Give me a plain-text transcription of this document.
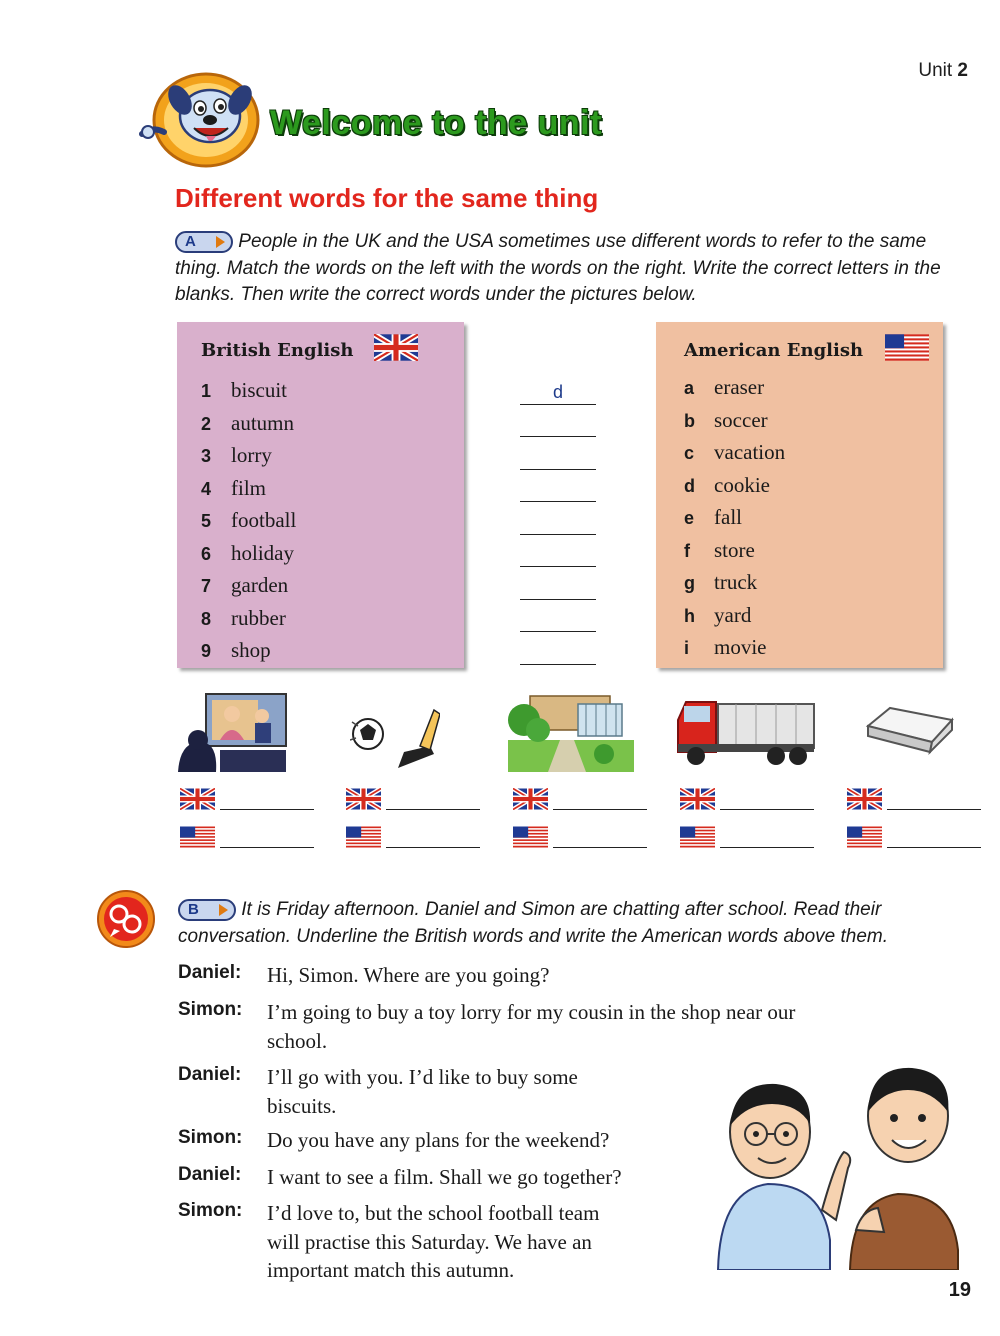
Unit 2
Welcome to the unit
Different words for the same thing
A People in the UK and the USA sometimes use different words to refer to the same thing. Match the words on the left with the words on the right. Write the correct letters in the blanks. Then write the correct words under the pictures below.
British English
1 biscuit
2 autumn
3 lorry
4 film
5 football
6 holiday
7 garden
8 rubber
9 shop
d
American English
a eraser
b soccer
c vacation
d cookie
e fall
f store
g truck
h yard
i movie
B It is Friday afternoon. Daniel and Simon are chatting after school. Read their conversation. Underline the British words and write the American words above them.
Daniel: Hi, Simon. Where are you going?
Simon: I’m going to buy a toy lorry for my cousin in the shop near our
school.
Daniel: I’ll go with you. I’d like to buy some
biscuits.
Simon: Do you have any plans for the weekend?
Daniel: I want to see a film. Shall we go together?
Simon: I’d love to, but the school football team
will practise this Saturday. We have an
important match this autumn.
19
